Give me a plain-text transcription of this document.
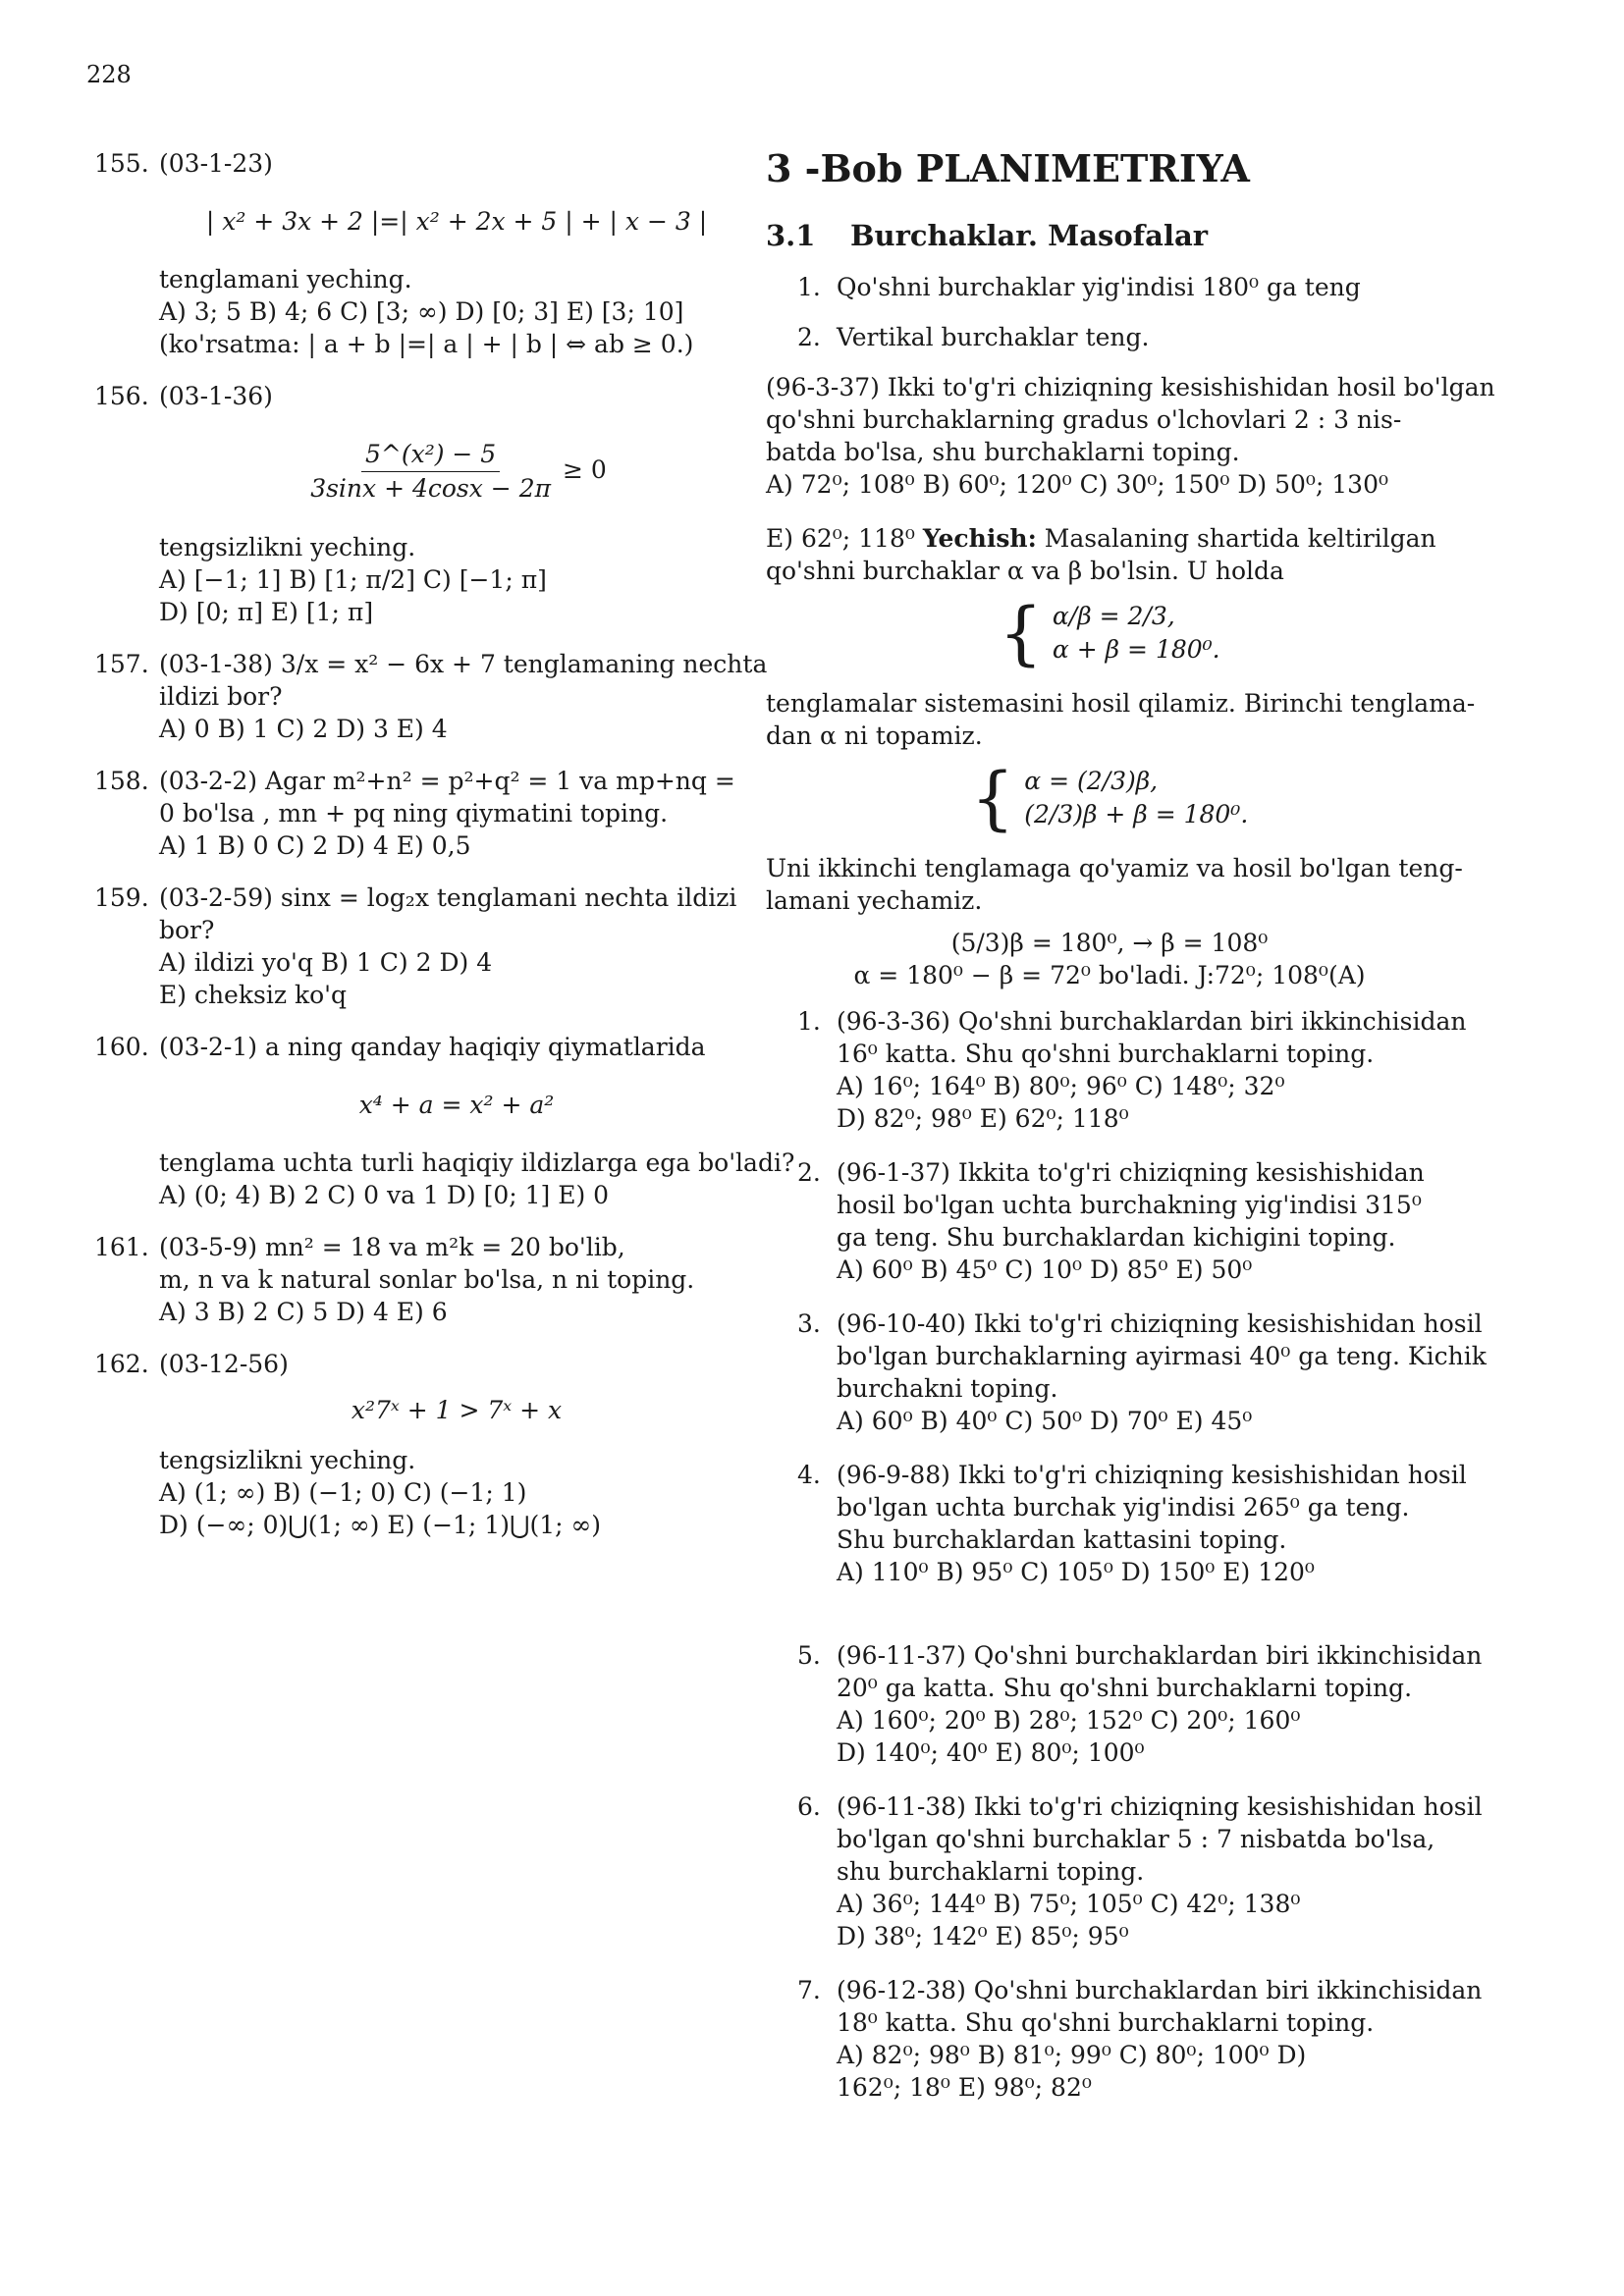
228
155. (03-1-23)
| x² + 3x + 2 |=| x² + 2x + 5 | + | x − 3 |
tenglamani yeching.
A) 3; 5 B) 4; 6 C) [3; ∞) D) [0; 3] E) [3; 10]
(ko'rsatma: | a + b |=| a | + | b | ⇔ ab ≥ 0.)
156. (03-1-36)
$\frac{\text{5\textasciicircum{}(x²) − 5}}{3\sin x + 4\cos x - 2\pi} \ge 0$
tengsizlikni yeching.
A) [−1; 1] B) [1; π/2] C) [−1; π]
D) [0; π] E) [1; π]
157. (03-1-38) 3/x = x² − 6x + 7 tenglamaning nechta
ildizi bor?
A) 0 B) 1 C) 2 D) 3 E) 4
158. (03-2-2) Agar m²+n² = p²+q² = 1 va mp+nq =
0 bo'lsa , mn + pq ning qiymatini toping.
A) 1 B) 0 C) 2 D) 4 E) 0,5
159. (03-2-59) sinx = log₂x tenglamani nechta ildizi
bor?
A) ildizi yo'q B) 1 C) 2 D) 4
E) cheksiz ko'q
160. (03-2-1) a ning qanday haqiqiy qiymatlarida
x⁴ + a = x² + a²
tenglama uchta turli haqiqiy ildizlarga ega bo'ladi?
A) (0; 4) B) 2 C) 0 va 1 D) [0; 1] E) 0
161. (03-5-9) mn² = 18 va m²k = 20 bo'lib,
m, n va k natural sonlar bo'lsa, n ni toping.
A) 3 B) 2 C) 5 D) 4 E) 6
162. (03-12-56)
x²7ˣ + 1 > 7ˣ + x
tengsizlikni yeching.
A) (1; ∞) B) (−1; 0) C) (−1; 1)
D) (−∞; 0)⋃(1; ∞) E) (−1; 1)⋃(1; ∞)
3 -Bob PLANIMETRIYA
3.1 Burchaklar. Masofalar
1. Qo'shni burchaklar yig'indisi 180⁰ ga teng
2. Vertikal burchaklar teng.
(96-3-37) Ikki to'g'ri chiziqning kesishishidan hosil bo'lgan
qo'shni burchaklarning gradus o'lchovlari 2 : 3 nis-
batda bo'lsa, shu burchaklarni toping.
A) 72⁰; 108⁰ B) 60⁰; 120⁰ C) 30⁰; 150⁰ D) 50⁰; 130⁰
E) 62⁰; 118⁰ Yechish: Masalaning shartida keltirilgan
qo'shni burchaklar α va β bo'lsin. U holda
{ α/β = 2/3,
α + β = 180⁰.
tenglamalar sistemasini hosil qilamiz. Birinchi tenglama-
dan α ni topamiz.
{ α = (2/3)β,
(2/3)β + β = 180⁰.
Uni ikkinchi tenglamaga qo'yamiz va hosil bo'lgan teng-
lamani yechamiz.
(5/3)β = 180⁰, → β = 108⁰
α = 180⁰ − β = 72⁰ bo'ladi. J:72⁰; 108⁰(A)
1. (96-3-36) Qo'shni burchaklardan biri ikkinchisidan
16⁰ katta. Shu qo'shni burchaklarni toping.
A) 16⁰; 164⁰ B) 80⁰; 96⁰ C) 148⁰; 32⁰
D) 82⁰; 98⁰ E) 62⁰; 118⁰
2. (96-1-37) Ikkita to'g'ri chiziqning kesishishidan
hosil bo'lgan uchta burchakning yig'indisi 315⁰
ga teng. Shu burchaklardan kichigini toping.
A) 60⁰ B) 45⁰ C) 10⁰ D) 85⁰ E) 50⁰
3. (96-10-40) Ikki to'g'ri chiziqning kesishishidan hosil
bo'lgan burchaklarning ayirmasi 40⁰ ga teng. Kichik
burchakni toping.
A) 60⁰ B) 40⁰ C) 50⁰ D) 70⁰ E) 45⁰
4. (96-9-88) Ikki to'g'ri chiziqning kesishishidan hosil
bo'lgan uchta burchak yig'indisi 265⁰ ga teng.
Shu burchaklardan kattasini toping.
A) 110⁰ B) 95⁰ C) 105⁰ D) 150⁰ E) 120⁰
5. (96-11-37) Qo'shni burchaklardan biri ikkinchisidan
20⁰ ga katta. Shu qo'shni burchaklarni toping.
A) 160⁰; 20⁰ B) 28⁰; 152⁰ C) 20⁰; 160⁰
D) 140⁰; 40⁰ E) 80⁰; 100⁰
6. (96-11-38) Ikki to'g'ri chiziqning kesishishidan hosil
bo'lgan qo'shni burchaklar 5 : 7 nisbatda bo'lsa,
shu burchaklarni toping.
A) 36⁰; 144⁰ B) 75⁰; 105⁰ C) 42⁰; 138⁰
D) 38⁰; 142⁰ E) 85⁰; 95⁰
7. (96-12-38) Qo'shni burchaklardan biri ikkinchisidan
18⁰ katta. Shu qo'shni burchaklarni toping.
A) 82⁰; 98⁰ B) 81⁰; 99⁰ C) 80⁰; 100⁰ D)
162⁰; 18⁰ E) 98⁰; 82⁰
